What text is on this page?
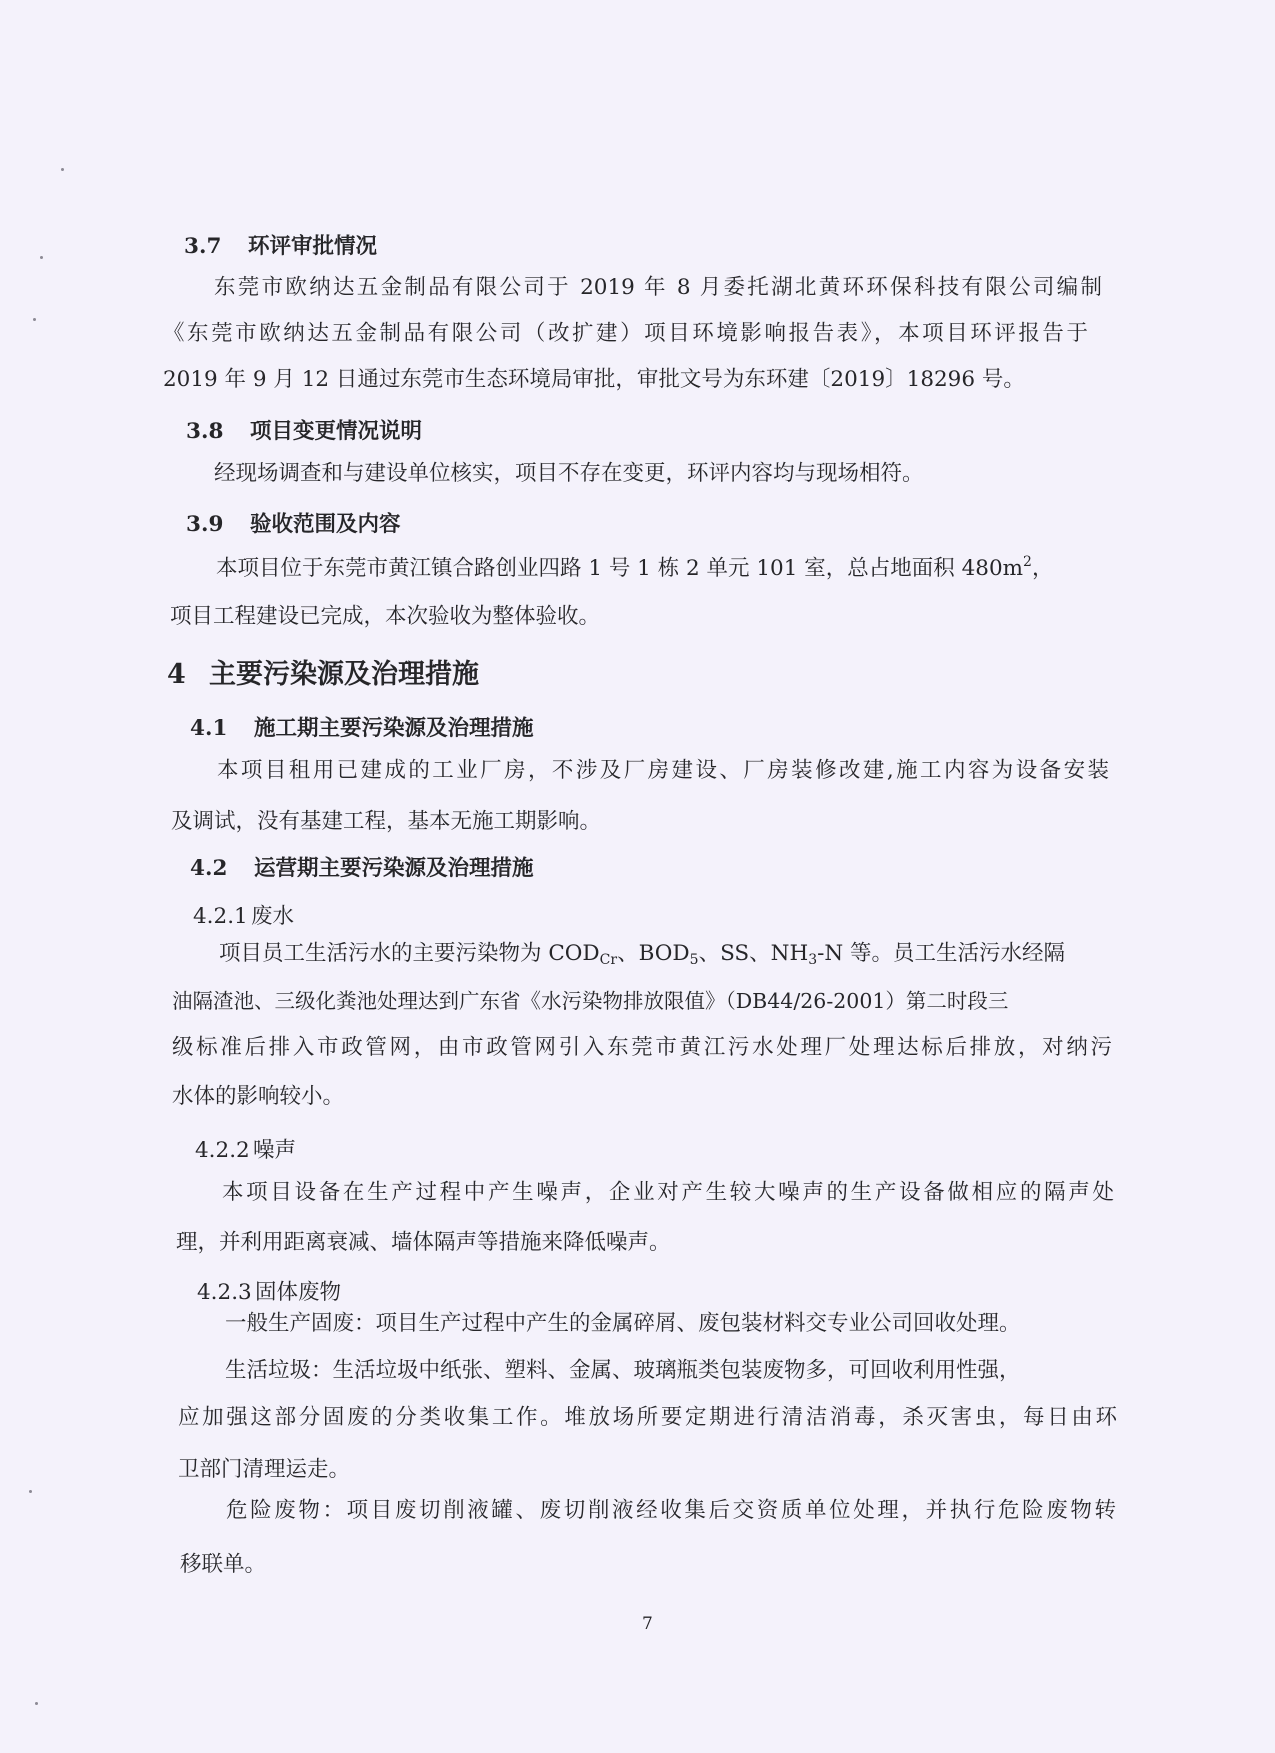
3.7 环评审批情况
东莞市欧纳达五金制品有限公司于 2019 年 8 月委托湖北黄环环保科技有限公司编制
《东莞市欧纳达五金制品有限公司（改扩建）项目环境影响报告表》，本项目环评报告于
2019 年 9 月 12 日通过东莞市生态环境局审批，审批文号为东环建〔2019〕18296 号。
3.8 项目变更情况说明
经现场调查和与建设单位核实，项目不存在变更，环评内容均与现场相符。
3.9 验收范围及内容
本项目位于东莞市黄江镇合路创业四路 1 号 1 栋 2 单元 101 室，总占地面积 $480m^2$，
项目工程建设已完成，本次验收为整体验收。
4 主要污染源及治理措施
4.1 施工期主要污染源及治理措施
本项目租用已建成的工业厂房，不涉及厂房建设、厂房装修改建,施工内容为设备安装
及调试，没有基建工程，基本无施工期影响。
4.2 运营期主要污染源及治理措施
4.2.1 废水
项目员工生活污水的主要污染物为 $COD_{Cr}$、$BOD_5$、SS、$NH_3-N$ 等。员工生活污水经隔
油隔渣池、三级化粪池处理达到广东省《水污染物排放限值》（DB44/26-2001）第二时段三
级标准后排入市政管网，由市政管网引入东莞市黄江污水处理厂处理达标后排放，对纳污
水体的影响较小。
4.2.2 噪声
本项目设备在生产过程中产生噪声，企业对产生较大噪声的生产设备做相应的隔声处
理，并利用距离衰减、墙体隔声等措施来降低噪声。
4.2.3 固体废物
一般生产固废：项目生产过程中产生的金属碎屑、废包装材料交专业公司回收处理。
生活垃圾：生活垃圾中纸张、塑料、金属、玻璃瓶类包装废物多，可回收利用性强，
应加强这部分固废的分类收集工作。堆放场所要定期进行清洁消毒，杀灭害虫，每日由环
卫部门清理运走。
危险废物：项目废切削液罐、废切削液经收集后交资质单位处理，并执行危险废物转
移联单。
7
